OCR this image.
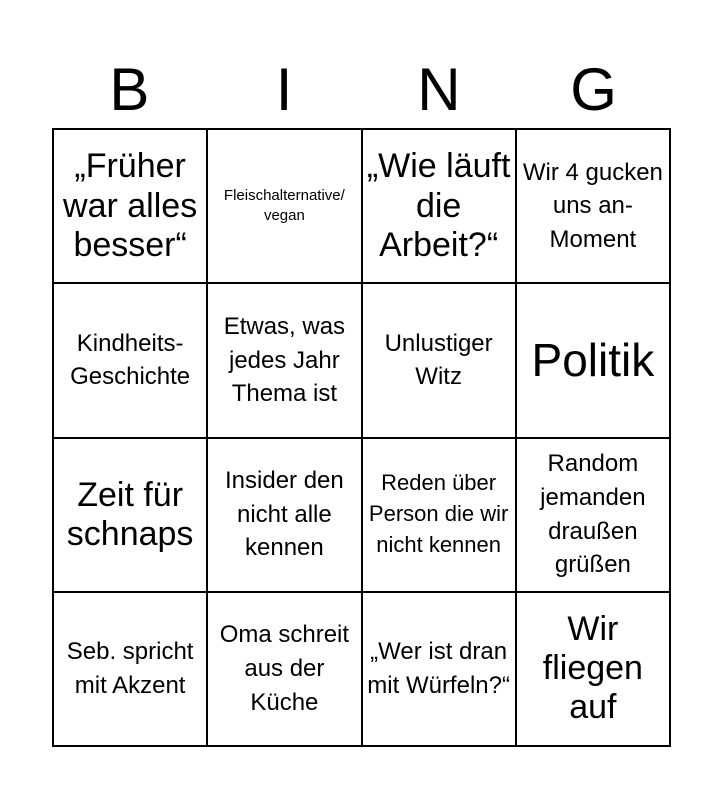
B	I	N	G
„Früher war alles besser“
Fleischalternative/ vegan
„Wie läuft die Arbeit?“
Wir 4 gucken uns an- Moment
Kindheits- Geschichte
Etwas, was jedes Jahr Thema ist
Unlustiger Witz	Politik
Zeit für schnaps
Insider den nicht alle kennen
Reden über Person die wir nicht kennen
Random jemanden draußen grüßen
Seb. spricht mit Akzent
Oma schreit aus der Küche
„Wer ist dran mit Würfeln?“
Wir fliegen auf
